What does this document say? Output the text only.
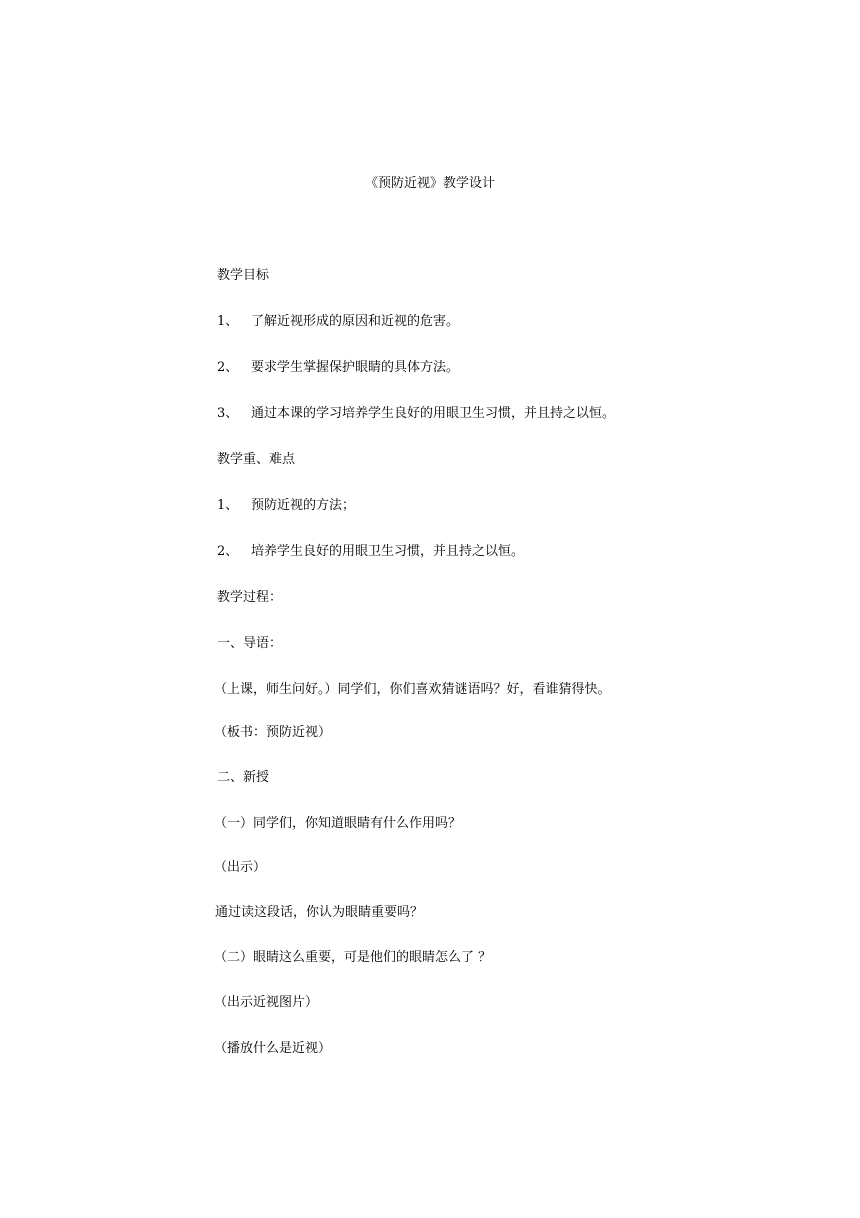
《预防近视》教学设计
教学目标
1、 了解近视形成的原因和近视的危害。
2、 要求学生掌握保护眼睛的具体方法。
3、 通过本课的学习培养学生良好的用眼卫生习惯，并且持之以恒。
教学重、难点
1、 预防近视的方法；
2、 培养学生良好的用眼卫生习惯，并且持之以恒。
教学过程：
一、导语：
（上课，师生问好。）同学们，你们喜欢猜谜语吗？好，看谁猜得快。
（板书：预防近视）
二、新授
（一）同学们，你知道眼睛有什么作用吗？
（出示）
通过读这段话，你认为眼睛重要吗？
（二）眼睛这么重要，可是他们的眼睛怎么了 ？
（出示近视图片）
（播放什么是近视）
